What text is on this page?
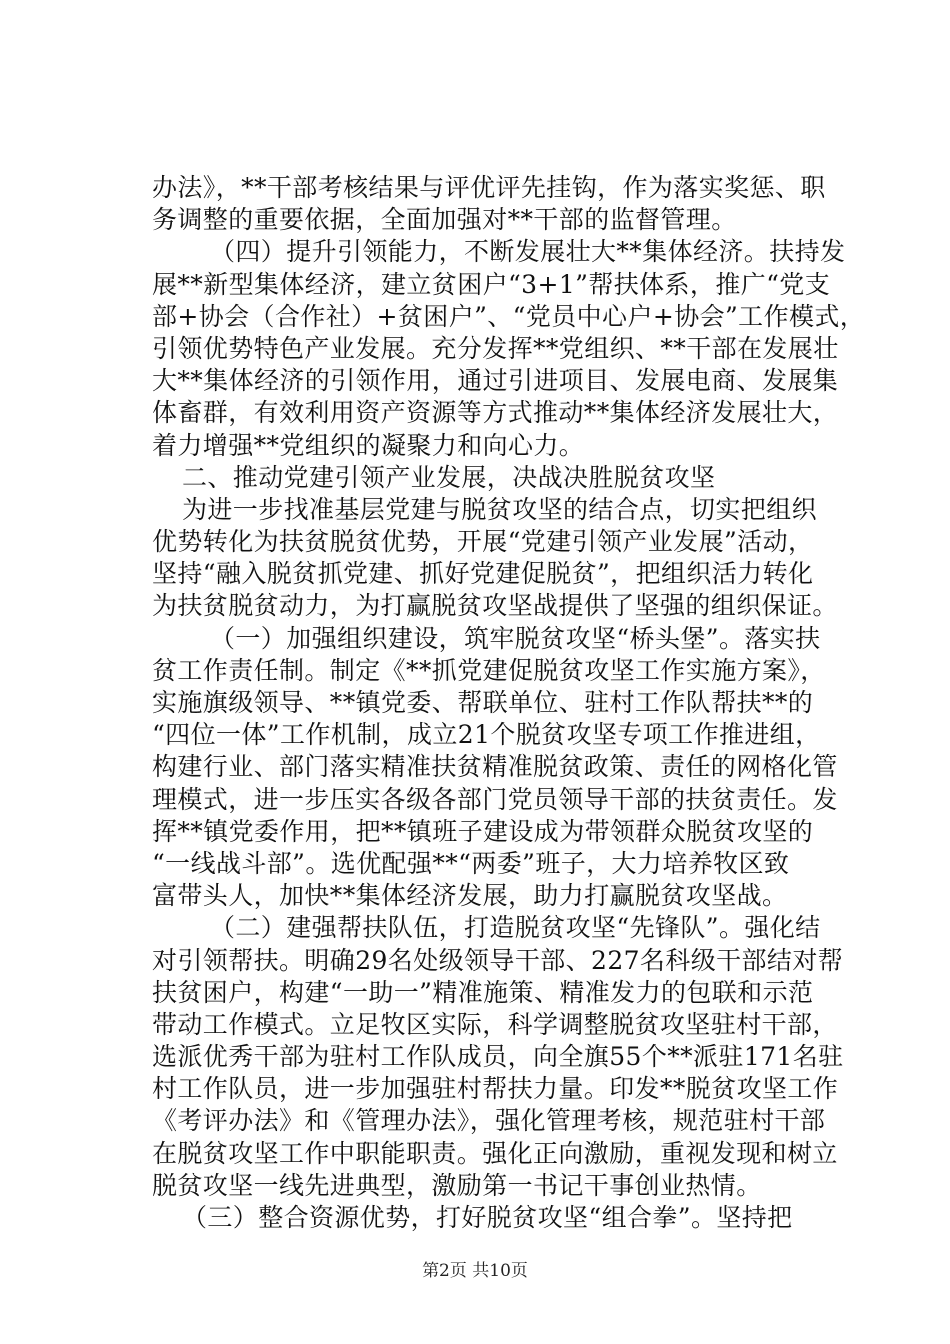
办法》，**干部考核结果与评优评先挂钩，作为落实奖惩、职
务调整的重要依据，全面加强对**干部的监督管理。
（四）提升引领能力，不断发展壮大**集体经济。扶持发
展**新型集体经济，建立贫困户“3+1”帮扶体系，推广“党支
部+协会（合作社）+贫困户”、“党员中心户+协会”工作模式，
引领优势特色产业发展。充分发挥**党组织、**干部在发展壮
大**集体经济的引领作用，通过引进项目、发展电商、发展集
体畜群，有效利用资产资源等方式推动**集体经济发展壮大，
着力增强**党组织的凝聚力和向心力。
二、推动党建引领产业发展，决战决胜脱贫攻坚
为进一步找准基层党建与脱贫攻坚的结合点，切实把组织
优势转化为扶贫脱贫优势，开展“党建引领产业发展”活动，
坚持“融入脱贫抓党建、抓好党建促脱贫”，把组织活力转化
为扶贫脱贫动力，为打赢脱贫攻坚战提供了坚强的组织保证。
（一）加强组织建设，筑牢脱贫攻坚“桥头堡”。落实扶
贫工作责任制。制定《**抓党建促脱贫攻坚工作实施方案》，
实施旗级领导、**镇党委、帮联单位、驻村工作队帮扶**的
“四位一体”工作机制，成立21个脱贫攻坚专项工作推进组，
构建行业、部门落实精准扶贫精准脱贫政策、责任的网格化管
理模式，进一步压实各级各部门党员领导干部的扶贫责任。发
挥**镇党委作用，把**镇班子建设成为带领群众脱贫攻坚的
“一线战斗部”。选优配强**“两委”班子，大力培养牧区致
富带头人，加快**集体经济发展，助力打赢脱贫攻坚战。
（二）建强帮扶队伍，打造脱贫攻坚“先锋队”。强化结
对引领帮扶。明确29名处级领导干部、227名科级干部结对帮
扶贫困户，构建“一助一”精准施策、精准发力的包联和示范
带动工作模式。立足牧区实际，科学调整脱贫攻坚驻村干部，
选派优秀干部为驻村工作队成员，向全旗55个**派驻171名驻
村工作队员，进一步加强驻村帮扶力量。印发**脱贫攻坚工作
《考评办法》和《管理办法》，强化管理考核，规范驻村干部
在脱贫攻坚工作中职能职责。强化正向激励，重视发现和树立
脱贫攻坚一线先进典型，激励第一书记干事创业热情。
（三）整合资源优势，打好脱贫攻坚“组合拳”。坚持把
第2页 共10页
